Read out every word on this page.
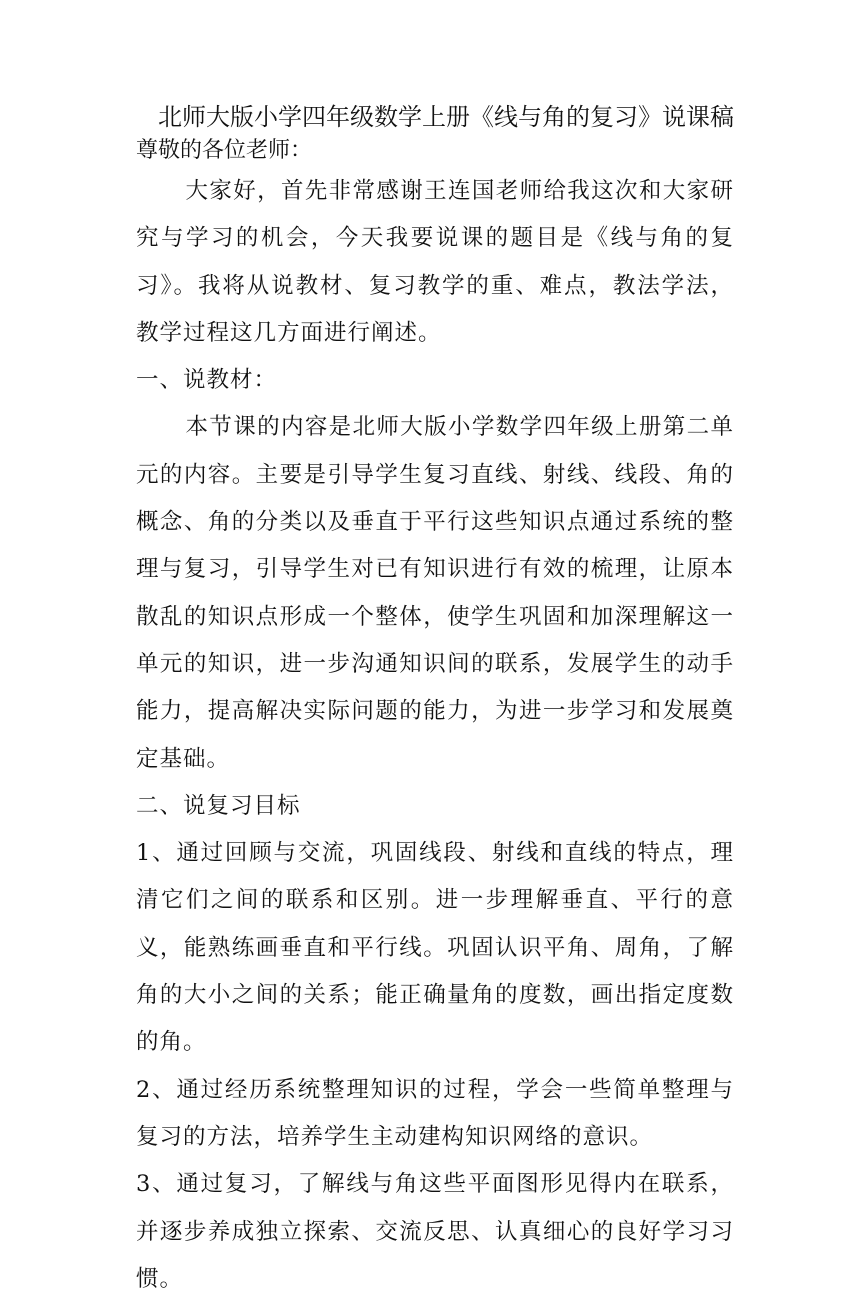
北师大版小学四年级数学上册《线与角的复习》说课稿
尊敬的各位老师：

大家好，首先非常感谢王连国老师给我这次和大家研究与学习的机会，今天我要说课的题目是《线与角的复习》。我将从说教材、复习教学的重、难点，教法学法，教学过程这几方面进行阐述。

一、说教材：

本节课的内容是北师大版小学数学四年级上册第二单元的内容。主要是引导学生复习直线、射线、线段、角的概念、角的分类以及垂直于平行这些知识点通过系统的整理与复习，引导学生对已有知识进行有效的梳理，让原本散乱的知识点形成一个整体，使学生巩固和加深理解这一单元的知识，进一步沟通知识间的联系，发展学生的动手能力，提高解决实际问题的能力，为进一步学习和发展奠定基础。

二、说复习目标

1、通过回顾与交流，巩固线段、射线和直线的特点，理清它们之间的联系和区别。进一步理解垂直、平行的意义，能熟练画垂直和平行线。巩固认识平角、周角，了解角的大小之间的关系；能正确量角的度数，画出指定度数的角。

2、通过经历系统整理知识的过程，学会一些简单整理与复习的方法，培养学生主动建构知识网络的意识。

3、通过复习，了解线与角这些平面图形见得内在联系，并逐步养成独立探索、交流反思、认真细心的良好学习习惯。
